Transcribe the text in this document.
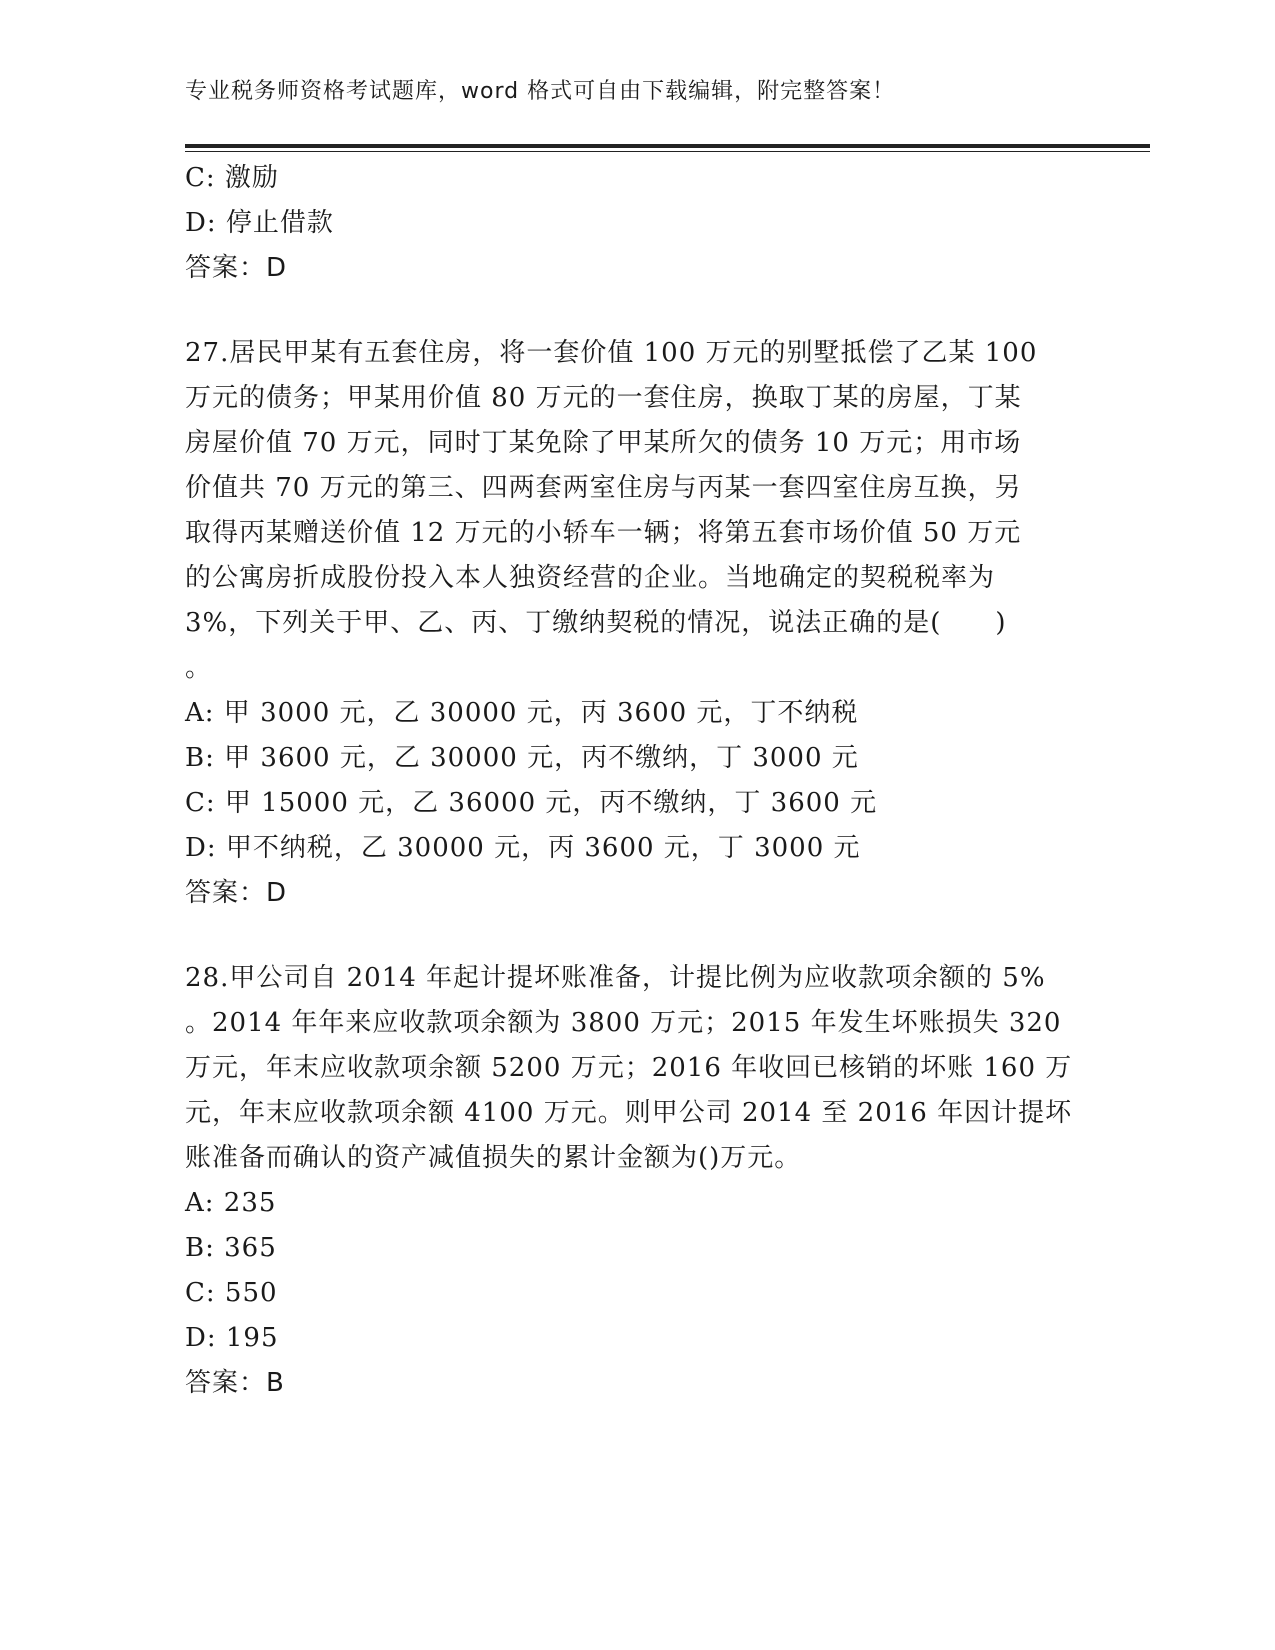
专业税务师资格考试题库，word 格式可自由下载编辑，附完整答案！
C: 激励
D: 停止借款
答案：D
27.居民甲某有五套住房，将一套价值 100 万元的别墅抵偿了乙某 100
万元的债务；甲某用价值 80 万元的一套住房，换取丁某的房屋，丁某
房屋价值 70 万元，同时丁某免除了甲某所欠的债务 10 万元；用市场
价值共 70 万元的第三、四两套两室住房与丙某一套四室住房互换，另
取得丙某赠送价值 12 万元的小轿车一辆；将第五套市场价值 50 万元
的公寓房折成股份投入本人独资经营的企业。当地确定的契税税率为
3%，下列关于甲、乙、丙、丁缴纳契税的情况，说法正确的是(　　)
。
A: 甲 3000 元，乙 30000 元，丙 3600 元，丁不纳税
B: 甲 3600 元，乙 30000 元，丙不缴纳，丁 3000 元
C: 甲 15000 元，乙 36000 元，丙不缴纳，丁 3600 元
D: 甲不纳税，乙 30000 元，丙 3600 元，丁 3000 元
答案：D
28.甲公司自 2014 年起计提坏账准备，计提比例为应收款项余额的 5%
。2014 年年来应收款项余额为 3800 万元；2015 年发生坏账损失 320
万元，年末应收款项余额 5200 万元；2016 年收回已核销的坏账 160 万
元，年末应收款项余额 4100 万元。则甲公司 2014 至 2016 年因计提坏
账准备而确认的资产减值损失的累计金额为()万元。
A: 235
B: 365
C: 550
D: 195
答案：B
